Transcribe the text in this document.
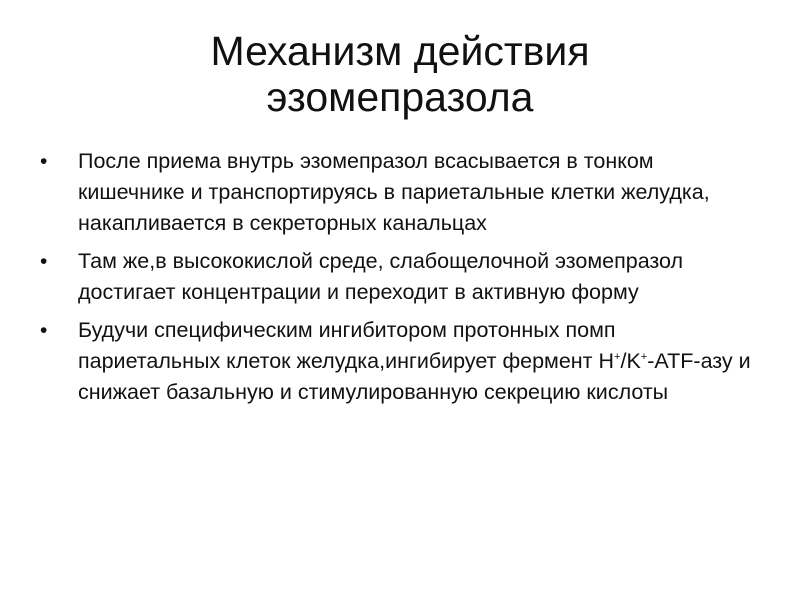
Механизм действия
эзомепразола
• После приема внутрь эзомепразол всасывается в тонком кишечнике и транспортируясь в париетальные клетки желудка, накапливается в секреторных канальцах
• Там же,в высококислой среде, слабощелочной эзомепразол достигает концентрации и переходит в активную форму
• Будучи специфическим ингибитором протонных помп париетальных клеток желудка,ингибирует фермент H+/K+-ATF-азу и снижает базальную и стимулированную секрецию кислоты
